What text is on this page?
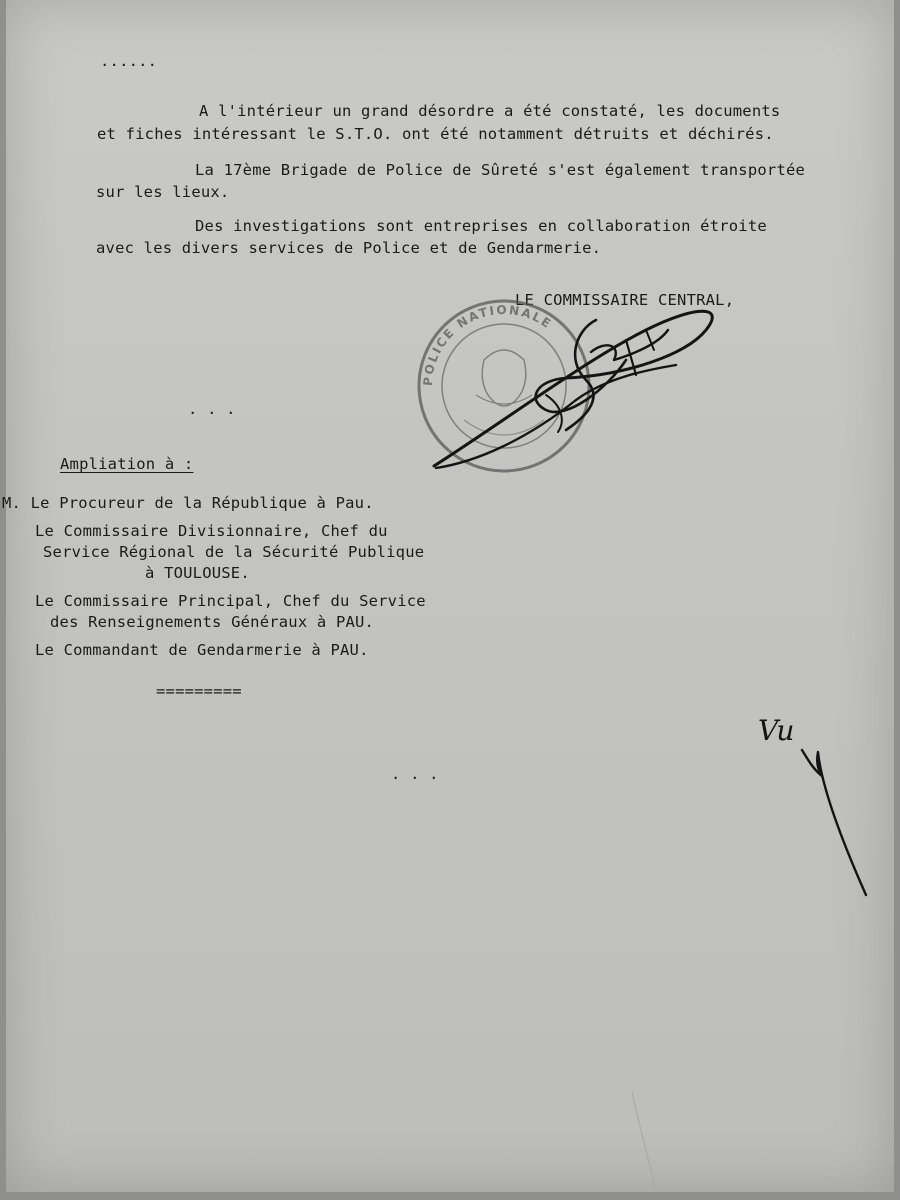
......
A l'intérieur un grand désordre a été constaté, les documents
et fiches intéressant le S.T.O. ont été notamment détruits et déchirés.
La 17ème Brigade de Police de Sûreté s'est également transportée
sur les lieux.
Des investigations sont entreprises en collaboration étroite
avec les divers services de Police et de Gendarmerie.
LE COMMISSAIRE CENTRAL,
. . .
Ampliation à :
M. Le Procureur de la République à Pau.
Le Commissaire Divisionnaire, Chef du
Service Régional de la Sécurité Publique
à TOULOUSE.
Le Commissaire Principal, Chef du Service
des Renseignements Généraux à PAU.
Le Commandant de Gendarmerie à PAU.
=========
. . .
POLICE NATIONALE
Vu
